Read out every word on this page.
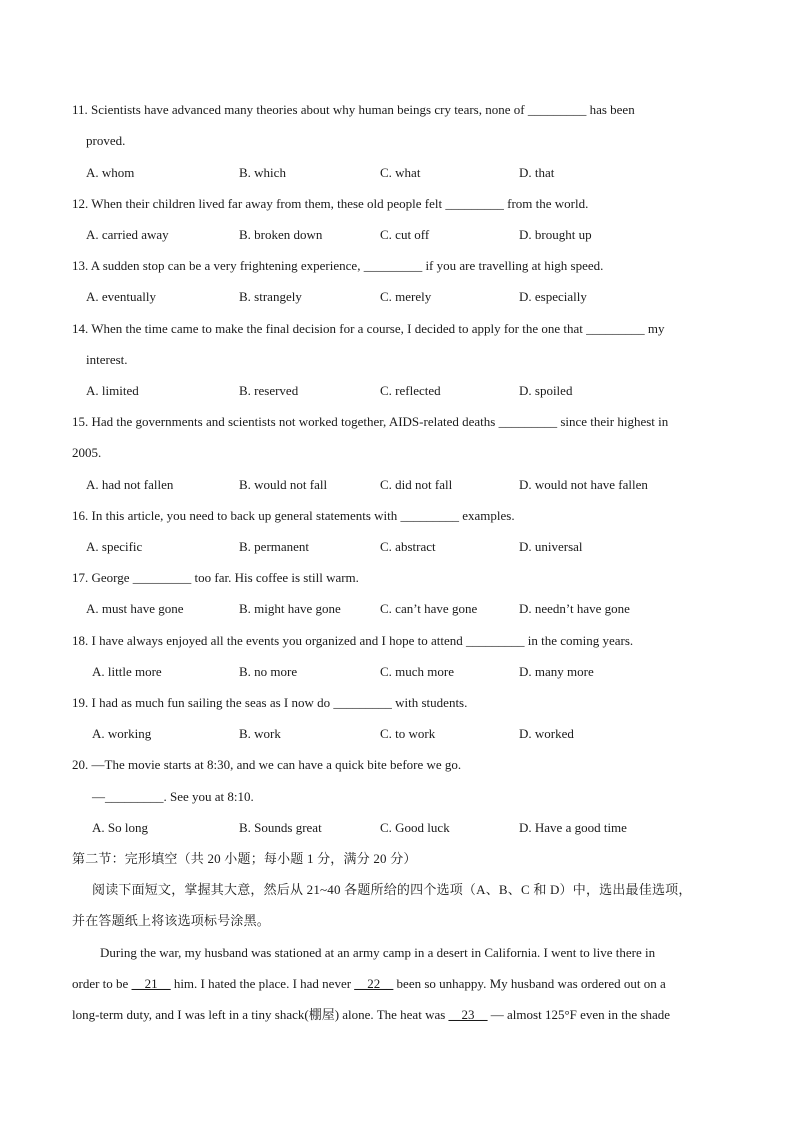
11. Scientists have advanced many theories about why human beings cry tears, none of _________ has been
proved.
A. whom	B. which	C. what	D. that
12. When their children lived far away from them, these old people felt _________ from the world.
A. carried away	B. broken down	C. cut off	D. brought up
13. A sudden stop can be a very frightening experience, _________ if you are travelling at high speed.
A. eventually	B. strangely	C. merely	D. especially
14. When the time came to make the final decision for a course, I decided to apply for the one that _________ my
interest.
A. limited	B. reserved	C. reflected	D. spoiled
15. Had the governments and scientists not worked together, AIDS-related deaths _________ since their highest in
2005.
A. had not fallen	B. would not fall	C. did not fall	D. would not have fallen
16. In this article, you need to back up general statements with _________ examples.
A. specific	B. permanent	C. abstract	D. universal
17. George _________ too far. His coffee is still warm.
A. must have gone	B. might have gone	C. can’t have gone	D. needn’t have gone
18. I have always enjoyed all the events you organized and I hope to attend _________ in the coming years.
A. little more	B. no more	C. much more	D. many more
19. I had as much fun sailing the seas as I now do _________ with students.
A. working	B. work	C. to work	D. worked
20. —The movie starts at 8:30, and we can have a quick bite before we go.
—_________. See you at 8:10.
A. So long	B. Sounds great	C. Good luck	D. Have a good time
第二节：完形填空（共 20 小题；每小题 1 分，满分 20 分）
阅读下面短文，掌握其大意，然后从 21~40 各题所给的四个选项（A、B、C 和 D）中，选出最佳选项，
并在答题纸上将该选项标号涂黑。
During the war, my husband was stationed at an army camp in a desert in California. I went to live there in
order to be __21__ him. I hated the place. I had never __22__ been so unhappy. My husband was ordered out on a
long-term duty, and I was left in a tiny shack(棚屋) alone. The heat was __23__ — almost 125°F even in the shade
